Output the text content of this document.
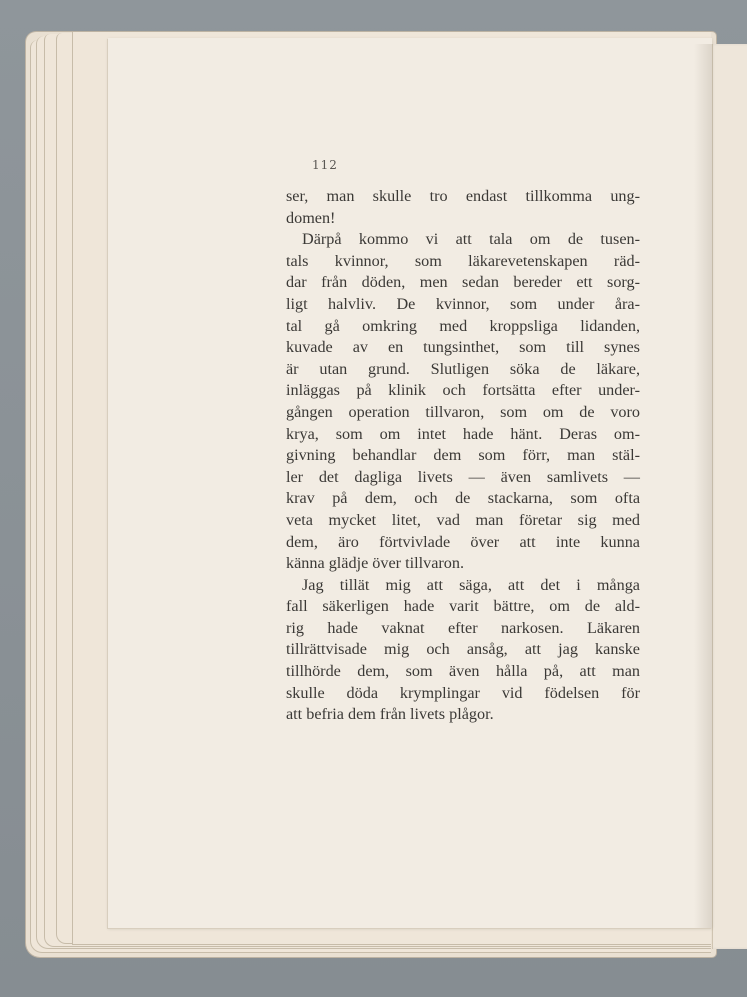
112

ser, man skulle tro endast tillkomma ung-
domen!

Därpå kommo vi att tala om de tusen-
tals kvinnor, som läkarevetenskapen räd-
dar från döden, men sedan bereder ett sorg-
ligt halvliv. De kvinnor, som under åra-
tal gå omkring med kroppsliga lidanden,
kuvade av en tungsinthet, som till synes
är utan grund. Slutligen söka de läkare,
inläggas på klinik och fortsätta efter under-
gången operation tillvaron, som om de voro
krya, som om intet hade hänt. Deras om-
givning behandlar dem som förr, man stäl-
ler det dagliga livets — även samlivets —
krav på dem, och de stackarna, som ofta
veta mycket litet, vad man företar sig med
dem, äro förtvivlade över att inte kunna
känna glädje över tillvaron.

Jag tillät mig att säga, att det i många
fall säkerligen hade varit bättre, om de ald-
rig hade vaknat efter narkosen. Läkaren
tillrättvisade mig och ansåg, att jag kanske
tillhörde dem, som även hålla på, att man
skulle döda krymplingar vid födelsen för
att befria dem från livets plågor.
